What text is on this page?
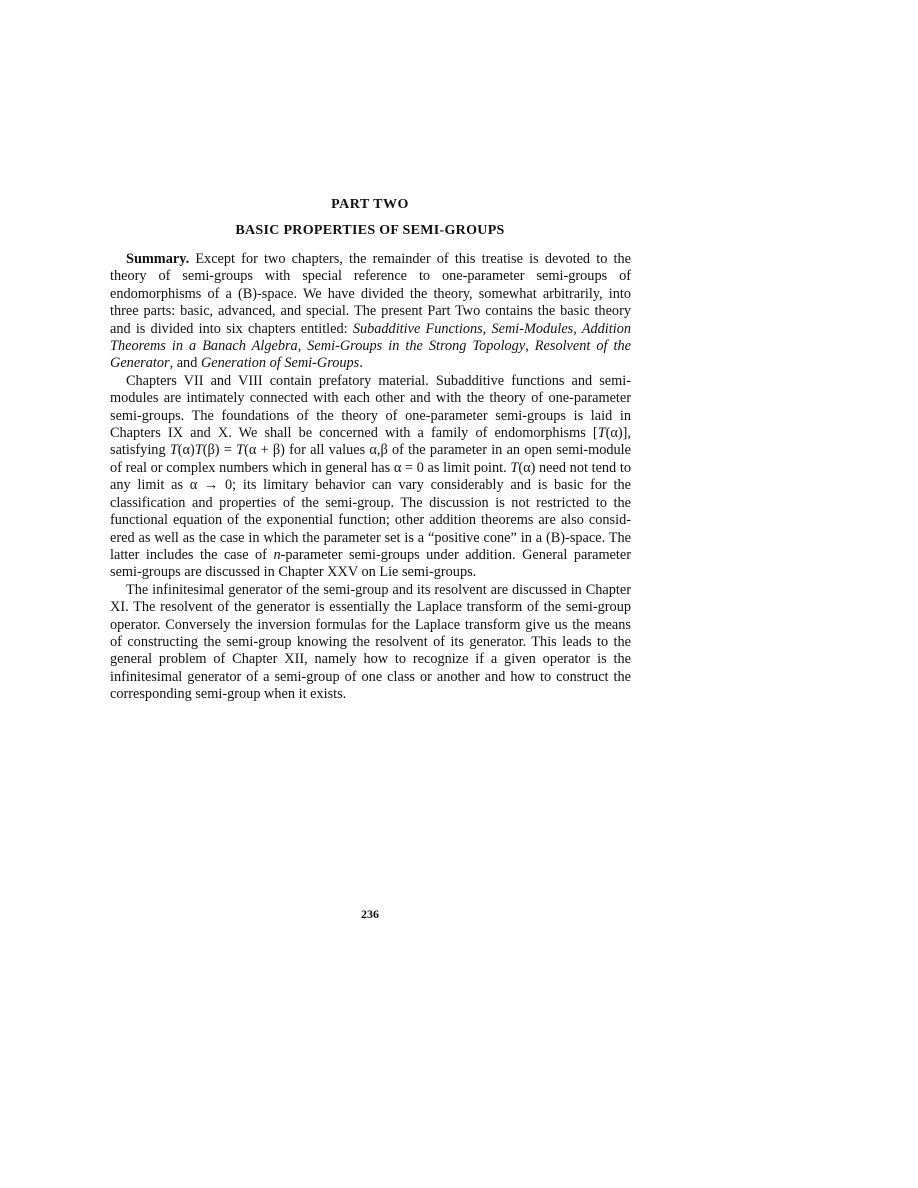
PART TWO
BASIC PROPERTIES OF SEMI-GROUPS

Summary. Except for two chapters, the remainder of this treatise is devoted to the theory of semi-groups with special reference to one-parameter semi-groups of endomorphisms of a (B)-space. We have divided the theory, somewhat arbitrarily, into three parts: basic, advanced, and special. The present Part Two contains the basic theory and is divided into six chapters entitled: Subadditive Functions, Semi-Modules, Addition Theorems in a Banach Algebra, Semi-Groups in the Strong Topology, Resolvent of the Generator, and Generation of Semi-Groups.

Chapters VII and VIII contain prefatory material. Subadditive functions and semi-modules are intimately connected with each other and with the theory of one-parameter semi-groups. The foundations of the theory of one-parameter semi-groups is laid in Chapters IX and X. We shall be concerned with a family of endomorphisms [T(α)], satisfying T(α)T(β) = T(α + β) for all values α,β of the parameter in an open semi-module of real or complex numbers which in general has α = 0 as limit point. T(α) need not tend to any limit as α → 0; its limitary behavior can vary considerably and is basic for the classification and properties of the semi-group. The discussion is not restricted to the functional equation of the exponential function; other addition theorems are also considered as well as the case in which the parameter set is a “positive cone” in a (B)-space. The latter includes the case of n-parameter semi-groups under addition. General parameter semi-groups are discussed in Chapter XXV on Lie semi-groups.

The infinitesimal generator of the semi-group and its resolvent are discussed in Chapter XI. The resolvent of the generator is essentially the Laplace transform of the semi-group operator. Conversely the inversion formulas for the Laplace transform give us the means of constructing the semi-group knowing the resolvent of its generator. This leads to the general problem of Chapter XII, namely how to recognize if a given operator is the infinitesimal generator of a semi-group of one class or another and how to construct the corresponding semi-group when it exists.

236
